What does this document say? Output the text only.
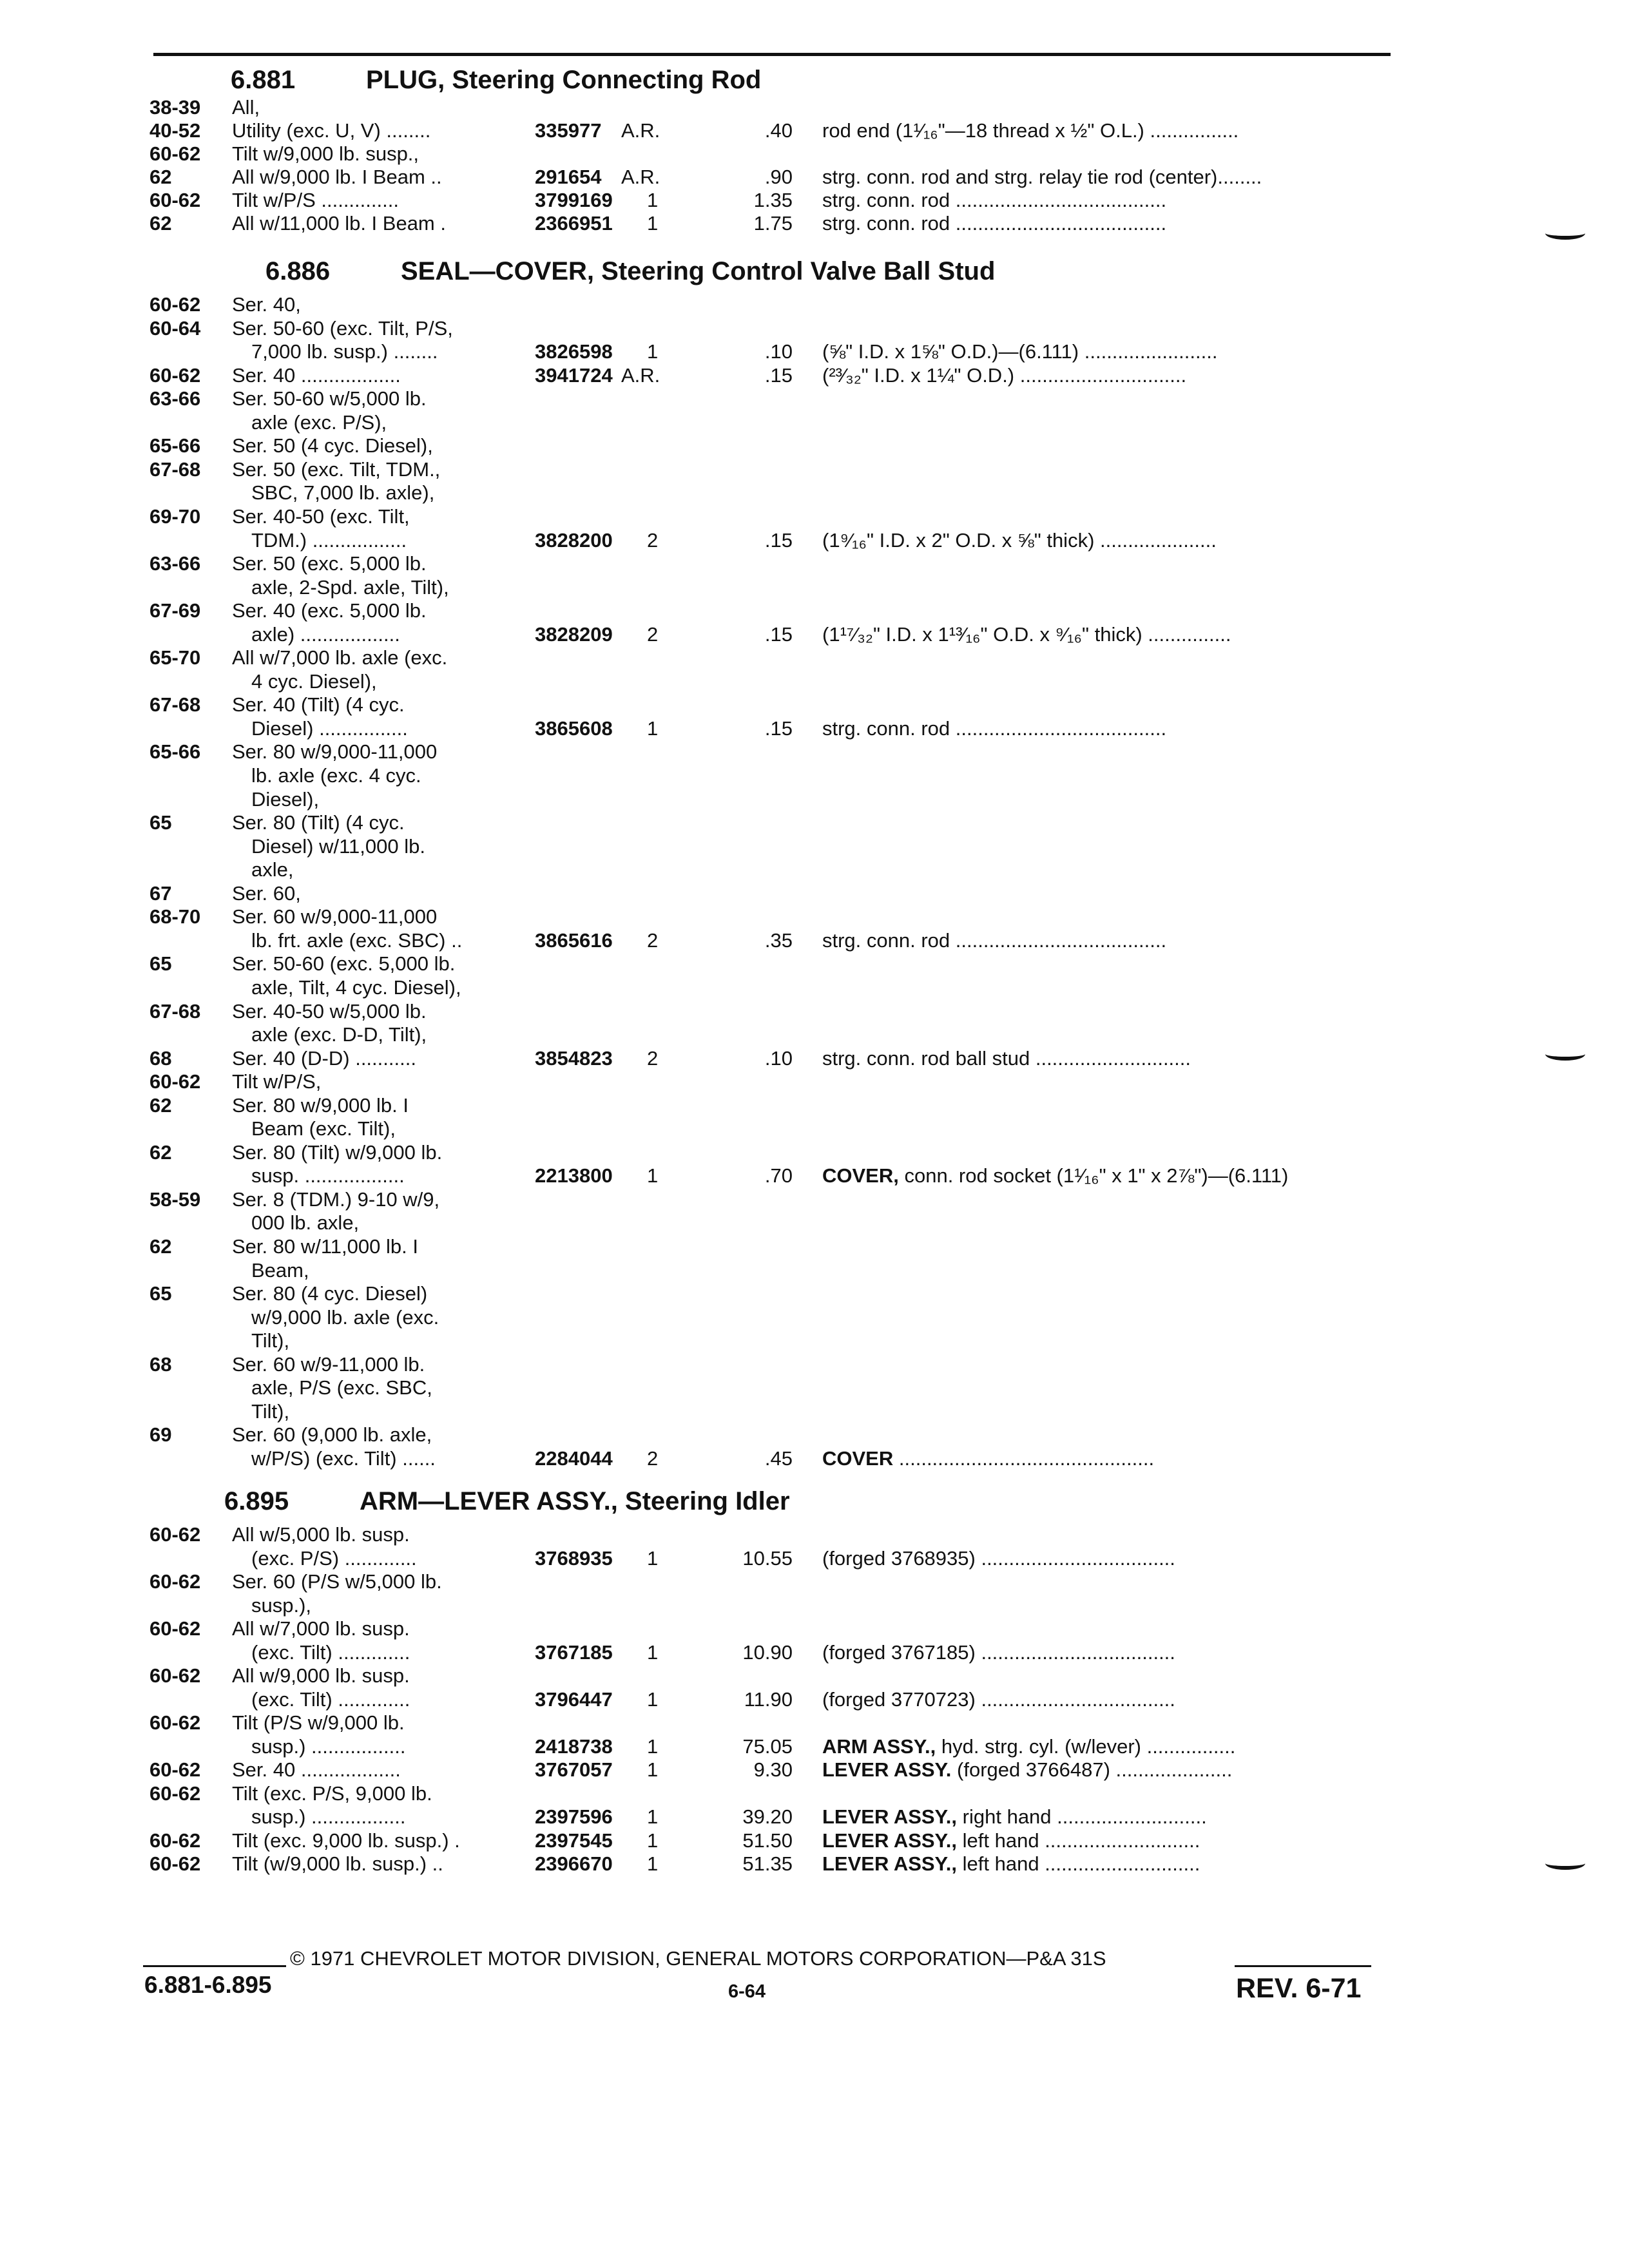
6.881	PLUG, Steering Connecting Rod
38-39 All,
40-52 Utility (exc. U, V) ........	335977 A.R.	.40 rod end (1¹⁄₁₆"—18 thread x ½" O.L.) ................
60-62 Tilt w/9,000 lb. susp.,
62	All w/9,000 lb. I Beam ..	291654 A.R.	.90 strg. conn. rod and strg. relay tie rod (center)........
60-62 Tilt w/P/S ..............	3799169 1	1.35 strg. conn. rod ......................................
62	All w/11,000 lb. I Beam .	2366951 1	1.75 strg. conn. rod ......................................
6.886	SEAL—COVER, Steering Control Valve Ball Stud
60-62 Ser. 40,
60-64 Ser. 50-60 (exc. Tilt, P/S,
7,000 lb. susp.) ........	3826598 1	.10 (⅝" I.D. x 1⅝" O.D.)—(6.111) ........................
60-62 Ser. 40 ..................	3941724 A.R.	.15 (²³⁄₃₂" I.D. x 1¼" O.D.) ..............................
63-66 Ser. 50-60 w/5,000 lb.
axle (exc. P/S),
65-66 Ser. 50 (4 cyc. Diesel),
67-68 Ser. 50 (exc. Tilt, TDM.,
SBC, 7,000 lb. axle),
69-70 Ser. 40-50 (exc. Tilt,
TDM.) .................	3828200 2	.15 (1⁹⁄₁₆" I.D. x 2" O.D. x ⅝" thick) .....................
63-66 Ser. 50 (exc. 5,000 lb.
axle, 2-Spd. axle, Tilt),
67-69 Ser. 40 (exc. 5,000 lb.
axle) ..................	3828209 2	.15 (1¹⁷⁄₃₂" I.D. x 1¹³⁄₁₆" O.D. x ⁹⁄₁₆" thick) ...............
65-70 All w/7,000 lb. axle (exc.
4 cyc. Diesel),
67-68 Ser. 40 (Tilt) (4 cyc.
Diesel) ................	3865608 1	.15 strg. conn. rod ......................................
65-66 Ser. 80 w/9,000-11,000
lb. axle (exc. 4 cyc.
Diesel),
65	Ser. 80 (Tilt) (4 cyc.
Diesel) w/11,000 lb.
axle,
67	Ser. 60,
68-70 Ser. 60 w/9,000-11,000
lb. frt. axle (exc. SBC) ..	3865616 2	.35 strg. conn. rod ......................................
65	Ser. 50-60 (exc. 5,000 lb.
axle, Tilt, 4 cyc. Diesel),
67-68 Ser. 40-50 w/5,000 lb.
axle (exc. D-D, Tilt),
68	Ser. 40 (D-D) ...........	3854823 2	.10 strg. conn. rod ball stud ............................
60-62 Tilt w/P/S,
62	Ser. 80 w/9,000 lb. I
Beam (exc. Tilt),
62	Ser. 80 (Tilt) w/9,000 lb.
susp. ..................	2213800 1	.70 COVER, conn. rod socket (1¹⁄₁₆" x 1" x 2⅞")—(6.111)
58-59 Ser. 8 (TDM.) 9-10 w/9,
000 lb. axle,
62	Ser. 80 w/11,000 lb. I
Beam,
65	Ser. 80 (4 cyc. Diesel)
w/9,000 lb. axle (exc.
Tilt),
68	Ser. 60 w/9-11,000 lb.
axle, P/S (exc. SBC,
Tilt),
69	Ser. 60 (9,000 lb. axle,
w/P/S) (exc. Tilt) ......	2284044 2	.45 COVER ..............................................
6.895	ARM—LEVER ASSY., Steering Idler
60-62 All w/5,000 lb. susp.
(exc. P/S) .............	3768935 1	10.55 (forged 3768935) ...................................
60-62 Ser. 60 (P/S w/5,000 lb.
susp.),
60-62 All w/7,000 lb. susp.
(exc. Tilt) .............	3767185 1	10.90 (forged 3767185) ...................................
60-62 All w/9,000 lb. susp.
(exc. Tilt) .............	3796447 1	11.90 (forged 3770723) ...................................
60-62 Tilt (P/S w/9,000 lb.
susp.) .................	2418738 1	75.05 ARM ASSY., hyd. strg. cyl. (w/lever) ................
60-62 Ser. 40 ..................	3767057 1	9.30 LEVER ASSY. (forged 3766487) .....................
60-62 Tilt (exc. P/S, 9,000 lb.
susp.) .................	2397596 1	39.20 LEVER ASSY., right hand ...........................
60-62 Tilt (exc. 9,000 lb. susp.) .	2397545 1	51.50 LEVER ASSY., left hand ............................
60-62 Tilt (w/9,000 lb. susp.) ..	2396670 1	51.35 LEVER ASSY., left hand ............................
© 1971 CHEVROLET MOTOR DIVISION, GENERAL MOTORS CORPORATION—P&A 31S
6.881-6.895	6-64	REV. 6-71
